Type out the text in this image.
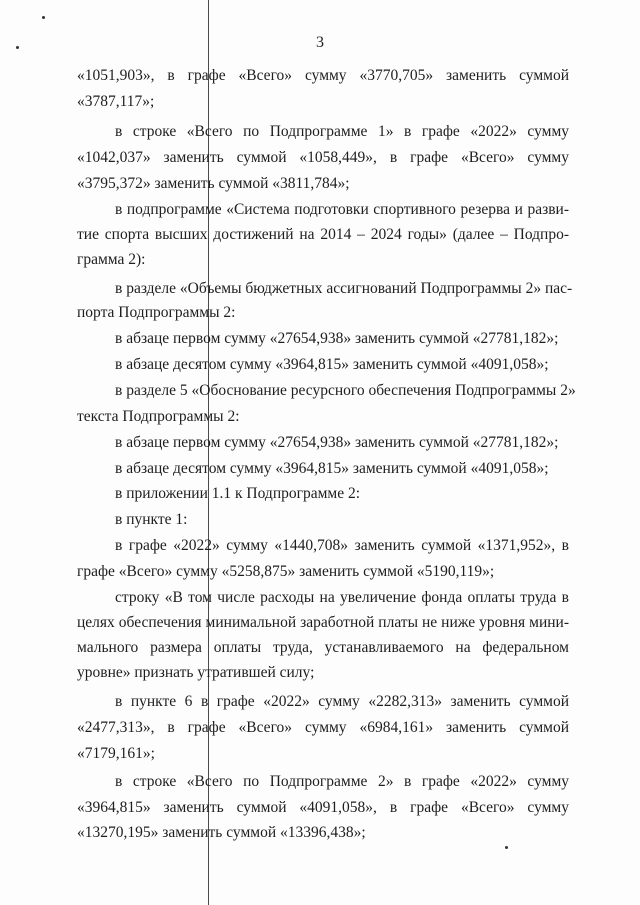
3
«1051,903», в графе «Всего» сумму «3770,705» заменить суммой
«3787,117»;
в строке «Всего по Подпрограмме 1» в графе «2022» сумму
«1042,037» заменить суммой «1058,449», в графе «Всего» сумму
«3795,372» заменить суммой «3811,784»;
в подпрограмме «Система подготовки спортивного резерва и разви-
тие спорта высших достижений на 2014 – 2024 годы» (далее – Подпро-
грамма 2):
в разделе «Объемы бюджетных ассигнований Подпрограммы 2» пас-
порта Подпрограммы 2:
в абзаце первом сумму «27654,938» заменить суммой «27781,182»;
в абзаце десятом сумму «3964,815» заменить суммой «4091,058»;
в разделе 5 «Обоснование ресурсного обеспечения Подпрограммы 2»
текста Подпрограммы 2:
в абзаце первом сумму «27654,938» заменить суммой «27781,182»;
в абзаце десятом сумму «3964,815» заменить суммой «4091,058»;
в приложении 1.1 к Подпрограмме 2:
в пункте 1:
в графе «2022» сумму «1440,708» заменить суммой «1371,952», в
графе «Всего» сумму «5258,875» заменить суммой «5190,119»;
строку «В том числе расходы на увеличение фонда оплаты труда в
целях обеспечения минимальной заработной платы не ниже уровня мини-
мального размера оплаты труда, устанавливаемого на федеральном
уровне» признать утратившей силу;
в пункте 6 в графе «2022» сумму «2282,313» заменить суммой
«2477,313», в графе «Всего» сумму «6984,161» заменить суммой
«7179,161»;
в строке «Всего по Подпрограмме 2» в графе «2022» сумму
«3964,815» заменить суммой «4091,058», в графе «Всего» сумму
«13270,195» заменить суммой «13396,438»;
